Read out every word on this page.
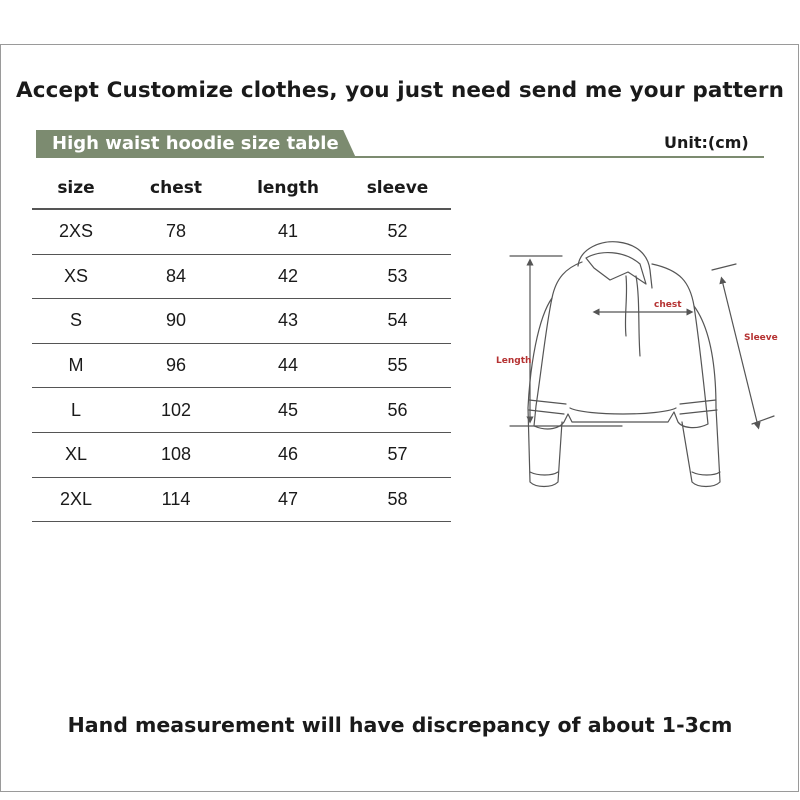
Accept Customize clothes, you just need send me your pattern
High waist hoodie size table	Unit:(cm)
size	chest	length	sleeve
2XS	78	41	52
XS	84	42	53
S	90	43	54
M	96	44	55
L	102	45	56
XL	108	46	57
2XL	114	47	58
chest
Length
Sleeve
Hand measurement will have discrepancy of about 1-3cm
